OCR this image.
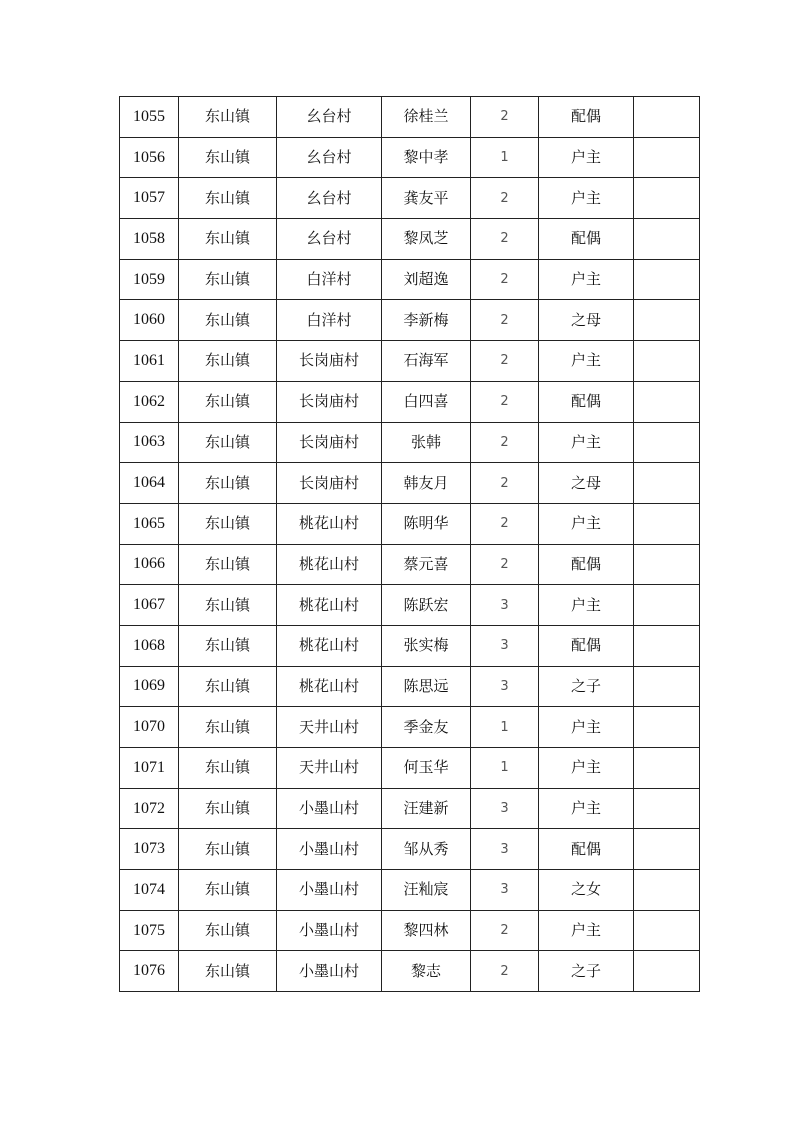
1055	东山镇	幺台村	徐桂兰	2	配偶	
1056	东山镇	幺台村	黎中孝	1	户主	
1057	东山镇	幺台村	龚友平	2	户主	
1058	东山镇	幺台村	黎凤芝	2	配偶	
1059	东山镇	白洋村	刘超逸	2	户主	
1060	东山镇	白洋村	李新梅	2	之母	
1061	东山镇	长岗庙村	石海军	2	户主	
1062	东山镇	长岗庙村	白四喜	2	配偶	
1063	东山镇	长岗庙村	张韩	2	户主	
1064	东山镇	长岗庙村	韩友月	2	之母	
1065	东山镇	桃花山村	陈明华	2	户主	
1066	东山镇	桃花山村	蔡元喜	2	配偶	
1067	东山镇	桃花山村	陈跃宏	3	户主	
1068	东山镇	桃花山村	张实梅	3	配偶	
1069	东山镇	桃花山村	陈思远	3	之子	
1070	东山镇	天井山村	季金友	1	户主	
1071	东山镇	天井山村	何玉华	1	户主	
1072	东山镇	小墨山村	汪建新	3	户主	
1073	东山镇	小墨山村	邹从秀	3	配偶	
1074	东山镇	小墨山村	汪籼宸	3	之女	
1075	东山镇	小墨山村	黎四林	2	户主	
1076	东山镇	小墨山村	黎志	2	之子	
